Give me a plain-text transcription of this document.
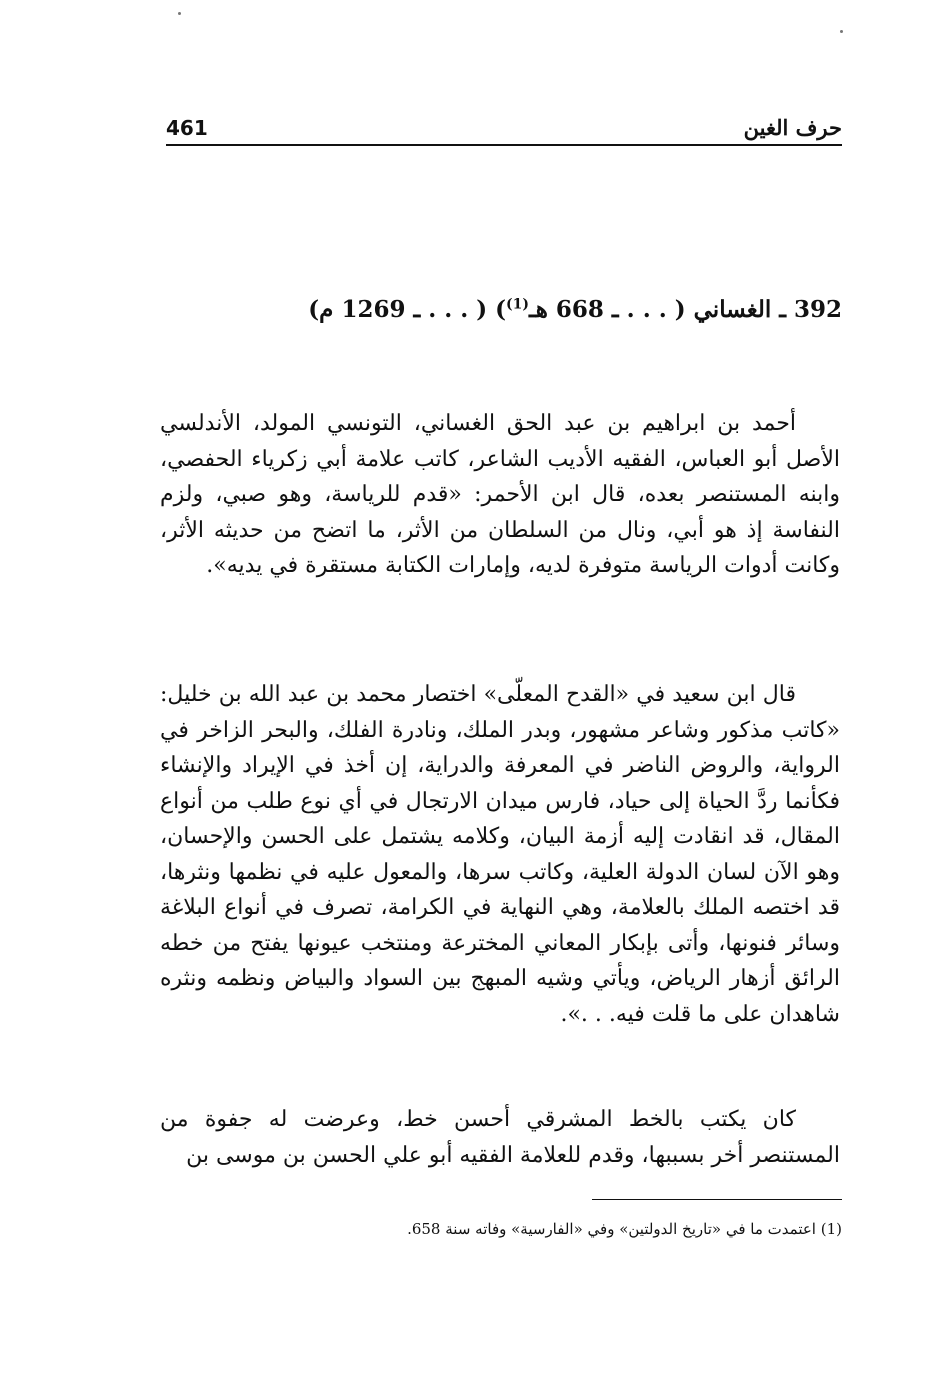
461	حرف الغين
392 ـ الغساني ( . . . ـ 668 هـ$^{(1)}$) ( . . . ـ 1269 م)

أحمد بن ابراهيم بن عبد الحق الغساني، التونسي المولد، الأندلسي الأصل أبو العباس، الفقيه الأديب الشاعر، كاتب علامة أبي زكرياء الحفصي، وابنه المستنصر بعده، قال ابن الأحمر: «قدم للرياسة، وهو صبي، ولزم النفاسة إذ هو أبي، ونال من السلطان من الأثر، ما اتضح من حديثه الأثر، وكانت أدوات الرياسة متوفرة لديه، وإمارات الكتابة مستقرة في يديه».

قال ابن سعيد في «القدح المعلّى» اختصار محمد بن عبد الله بن خليل: «كاتب مذكور وشاعر مشهور، وبدر الملك، ونادرة الفلك، والبحر الزاخر في الرواية، والروض الناضر في المعرفة والدراية، إن أخذ في الإيراد والإنشاء فكأنما ردَّ الحياة إلى حياد، فارس ميدان الارتجال في أي نوع طلب من أنواع المقال، قد انقادت إليه أزمة البيان، وكلامه يشتمل على الحسن والإحسان، وهو الآن لسان الدولة العلية، وكاتب سرها، والمعول عليه في نظمها ونثرها، قد اختصه الملك بالعلامة، وهي النهاية في الكرامة، تصرف في أنواع البلاغة وسائر فنونها، وأتى بإبكار المعاني المخترعة ومنتخب عيونها يفتح من خطه الرائق أزهار الرياض، ويأتي وشيه المبهج بين السواد والبياض ونظمه ونثره شاهدان على ما قلت فيه. . .».

كان يكتب بالخط المشرقي أحسن خط، وعرضت له جفوة من المستنصر أخر بسببها، وقدم للعلامة الفقيه أبو علي الحسن بن موسى بن

(1) اعتمدت ما في «تاريخ الدولتين» وفي «الفارسية» وفاته سنة 658.
